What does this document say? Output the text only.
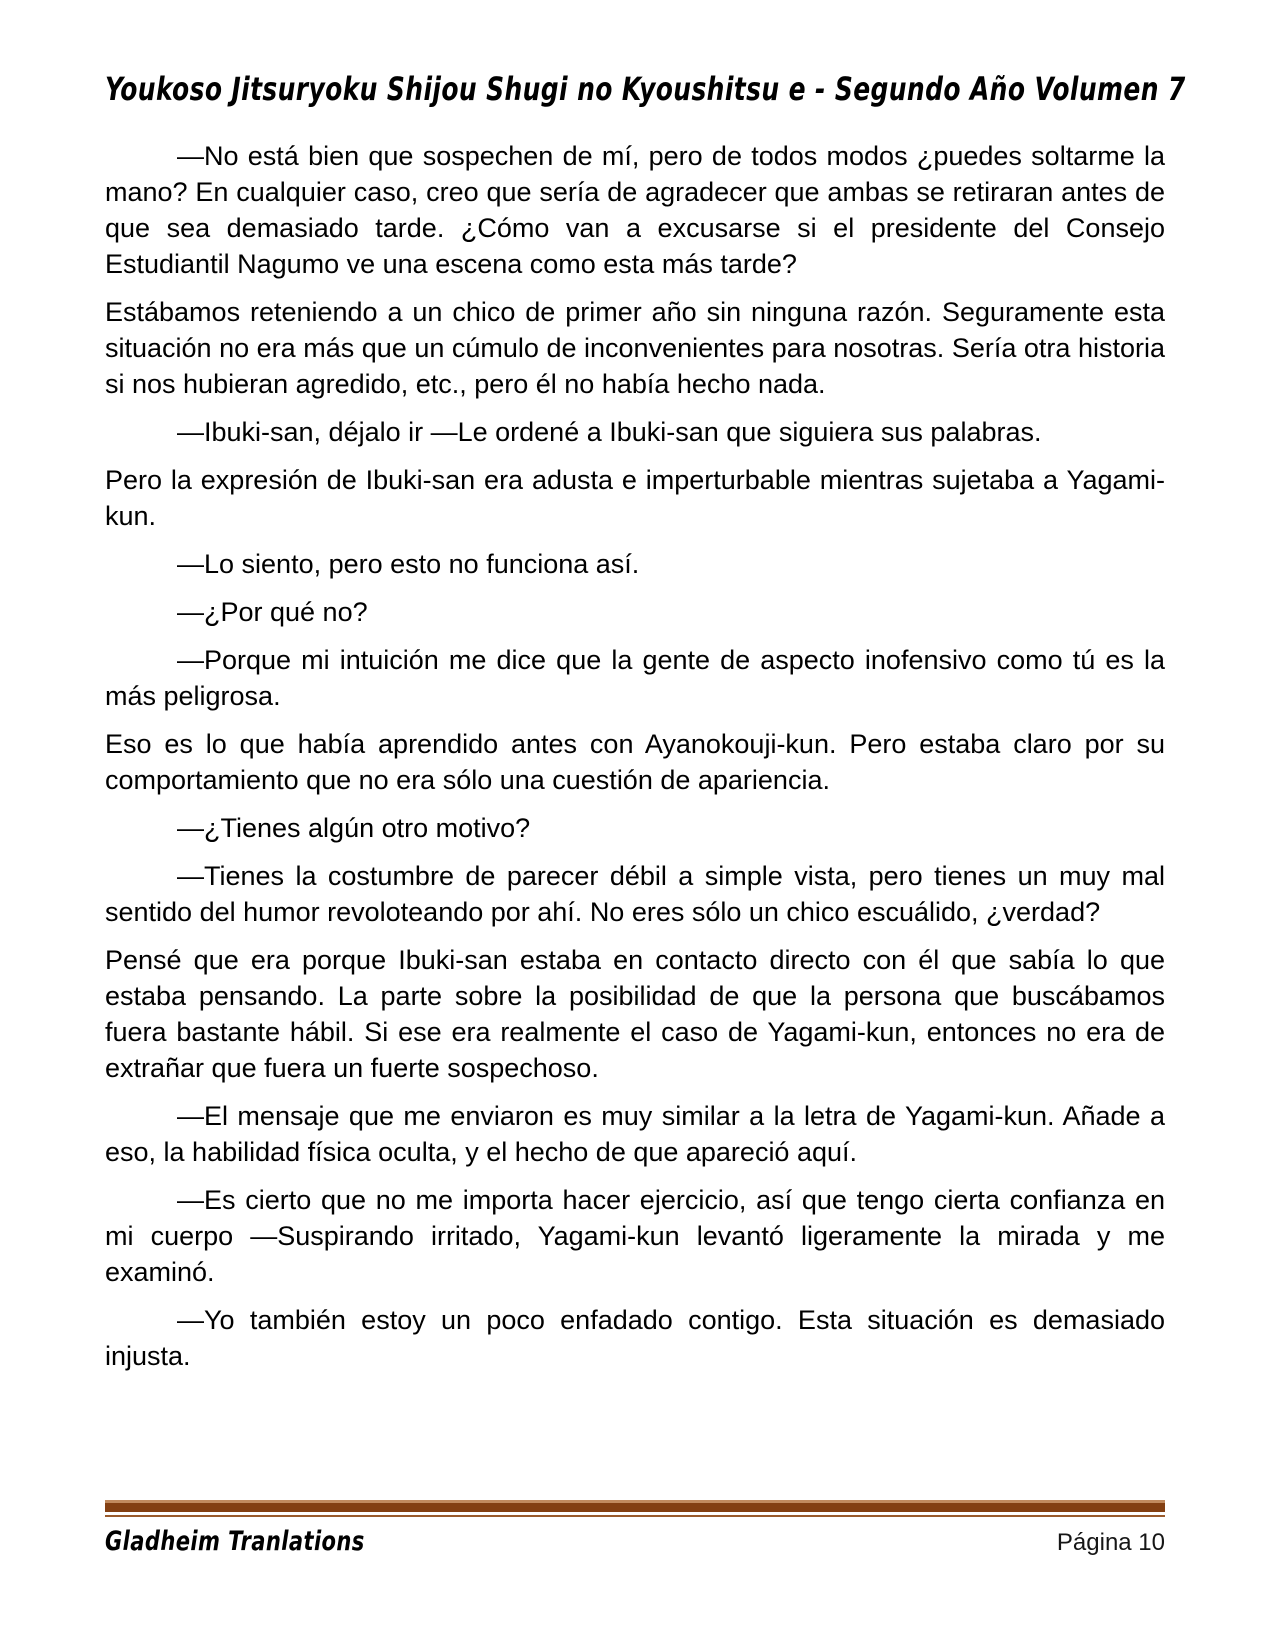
Youkoso Jitsuryoku Shijou Shugi no Kyoushitsu e - Segundo Año Volumen 7

—No está bien que sospechen de mí, pero de todos modos ¿puedes soltarme la mano? En cualquier caso, creo que sería de agradecer que ambas se retiraran antes de que sea demasiado tarde. ¿Cómo van a excusarse si el presidente del Consejo Estudiantil Nagumo ve una escena como esta más tarde?

Estábamos reteniendo a un chico de primer año sin ninguna razón. Seguramente esta situación no era más que un cúmulo de inconvenientes para nosotras. Sería otra historia si nos hubieran agredido, etc., pero él no había hecho nada.

—Ibuki-san, déjalo ir —Le ordené a Ibuki-san que siguiera sus palabras.

Pero la expresión de Ibuki-san era adusta e imperturbable mientras sujetaba a Yagami-kun.

—Lo siento, pero esto no funciona así.

—¿Por qué no?

—Porque mi intuición me dice que la gente de aspecto inofensivo como tú es la más peligrosa.

Eso es lo que había aprendido antes con Ayanokouji-kun. Pero estaba claro por su comportamiento que no era sólo una cuestión de apariencia.

—¿Tienes algún otro motivo?

—Tienes la costumbre de parecer débil a simple vista, pero tienes un muy mal sentido del humor revoloteando por ahí. No eres sólo un chico escuálido, ¿verdad?

Pensé que era porque Ibuki-san estaba en contacto directo con él que sabía lo que estaba pensando. La parte sobre la posibilidad de que la persona que buscábamos fuera bastante hábil. Si ese era realmente el caso de Yagami-kun, entonces no era de extrañar que fuera un fuerte sospechoso.

—El mensaje que me enviaron es muy similar a la letra de Yagami-kun. Añade a eso, la habilidad física oculta, y el hecho de que apareció aquí.

—Es cierto que no me importa hacer ejercicio, así que tengo cierta confianza en mi cuerpo —Suspirando irritado, Yagami-kun levantó ligeramente la mirada y me examinó.

—Yo también estoy un poco enfadado contigo. Esta situación es demasiado injusta.

Gladheim Tranlations	Página 10
